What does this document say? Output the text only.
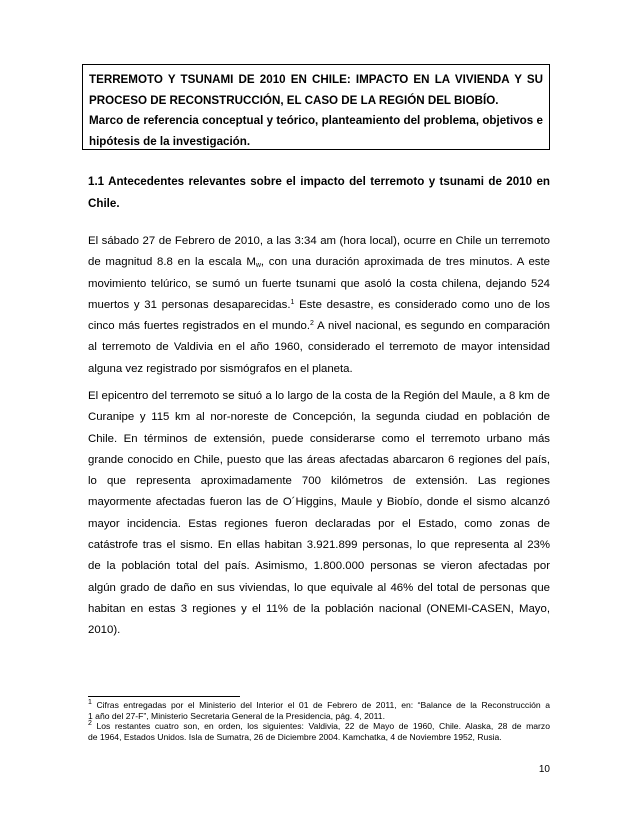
TERREMOTO Y TSUNAMI DE 2010 EN CHILE: IMPACTO EN LA VIVIENDA Y SU
PROCESO DE RECONSTRUCCIÓN, EL CASO DE LA REGIÓN DEL BIOBÍO.
Marco de referencia conceptual y teórico, planteamiento del problema, objetivos e
hipótesis de la investigación.
1.1 Antecedentes relevantes sobre el impacto del terremoto y tsunami de 2010 en Chile.
El sábado 27 de Febrero de 2010, a las 3:34 am (hora local), ocurre en Chile un terremoto
de magnitud 8.8 en la escala $M_w$, con una duración aproximada de tres minutos. A este
movimiento telúrico, se sumó un fuerte tsunami que asoló la costa chilena, dejando 524
muertos y 31 personas desaparecidas.$^1$ Este desastre, es considerado como uno de los
cinco más fuertes registrados en el mundo.$^2$ A nivel nacional, es segundo en comparación
al terremoto de Valdivia en el año 1960, considerado el terremoto de mayor intensidad
alguna vez registrado por sismógrafos en el planeta.
El epicentro del terremoto se situó a lo largo de la costa de la Región del Maule, a 8 km de
Curanipe y 115 km al nor-noreste de Concepción, la segunda ciudad en población de
Chile. En términos de extensión, puede considerarse como el terremoto urbano más
grande conocido en Chile, puesto que las áreas afectadas abarcaron 6 regiones del país,
lo que representa aproximadamente 700 kilómetros de extensión. Las regiones
mayormente afectadas fueron las de O´Higgins, Maule y Biobío, donde el sismo alcanzó
mayor incidencia. Estas regiones fueron declaradas por el Estado, como zonas de
catástrofe tras el sismo. En ellas habitan 3.921.899 personas, lo que representa al 23%
de la población total del país. Asimismo, 1.800.000 personas se vieron afectadas por
algún grado de daño en sus viviendas, lo que equivale al 46% del total de personas que
habitan en estas 3 regiones y el 11% de la población nacional (ONEMI-CASEN, Mayo,
2010).
$^1$ Cifras entregadas por el Ministerio del Interior el 01 de Febrero de 2011, en: “Balance de la Reconstrucción a
1 año del 27-F”, Ministerio Secretaria General de la Presidencia, pág. 4, 2011.
$^2$ Los restantes cuatro son, en orden, los siguientes: Valdivia, 22 de Mayo de 1960, Chile. Alaska, 28 de marzo
de 1964, Estados Unidos. Isla de Sumatra, 26 de Diciembre 2004. Kamchatka, 4 de Noviembre 1952, Rusia.
10
